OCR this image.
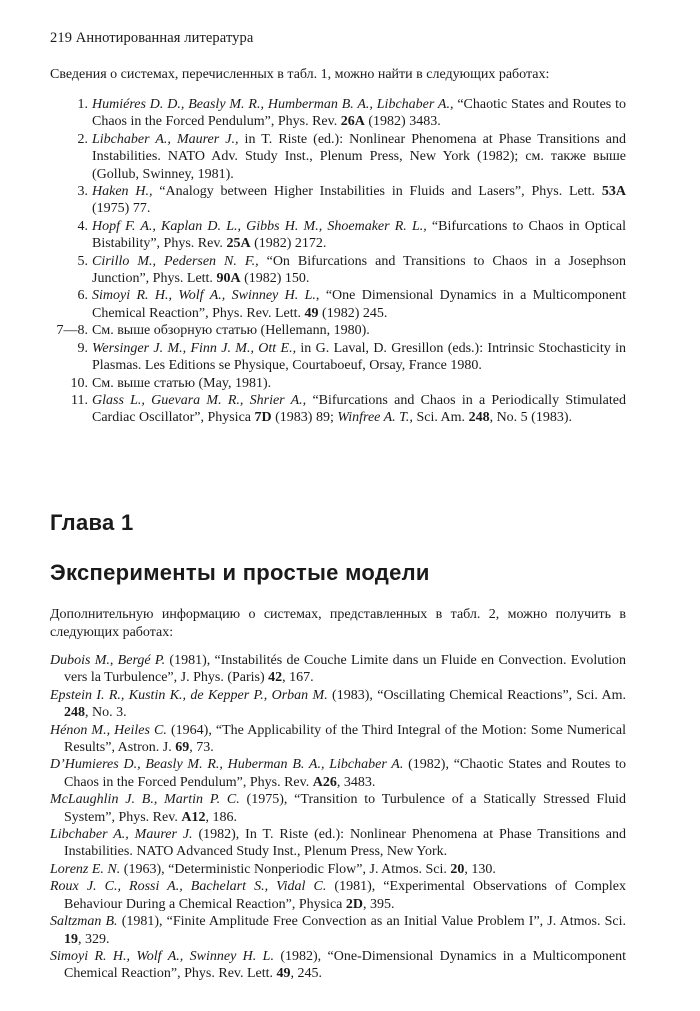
219 Аннотированная литература
Сведения о системах, перечисленных в табл. 1, можно найти в следующих работах:
1. Humiéres D. D., Beasly M. R., Humberman B. A., Libchaber A., “Chaotic States and Routes to Chaos in the Forced Pendulum”, Phys. Rev. 26A (1982) 3483.
2. Libchaber A., Maurer J., in T. Riste (ed.): Nonlinear Phenomena at Phase Transitions and Instabilities. NATO Adv. Study Inst., Plenum Press, New York (1982); см. также выше (Gollub, Swinney, 1981).
3. Haken H., “Analogy between Higher Instabilities in Fluids and Lasers”, Phys. Lett. 53A (1975) 77.
4. Hopf F. A., Kaplan D. L., Gibbs H. M., Shoemaker R. L., “Bifurcations to Chaos in Optical Bistability”, Phys. Rev. 25A (1982) 2172.
5. Cirillo M., Pedersen N. F., “On Bifurcations and Transitions to Chaos in a Josephson Junction”, Phys. Lett. 90A (1982) 150.
6. Simoyi R. H., Wolf A., Swinney H. L., “One Dimensional Dynamics in a Multicomponent Chemical Reaction”, Phys. Rev. Lett. 49 (1982) 245.
7—8. См. выше обзорную статью (Hellemann, 1980).
9. Wersinger J. M., Finn J. M., Ott E., in G. Laval, D. Gresillon (eds.): Intrinsic Stochasticity in Plasmas. Les Editions se Physique, Courtaboeuf, Orsay, France 1980.
10. См. выше статью (May, 1981).
11. Glass L., Guevara M. R., Shrier A., “Bifurcations and Chaos in a Periodically Stimulated Cardiac Oscillator”, Physica 7D (1983) 89; Winfree A. T., Sci. Am. 248, No. 5 (1983).
Глава 1
Эксперименты и простые модели
Дополнительную информацию о системах, представленных в табл. 2, можно получить в следующих работах:
Dubois M., Bergé P. (1981), “Instabilités de Couche Limite dans un Fluide en Convection. Evolution vers la Turbulence”, J. Phys. (Paris) 42, 167.
Epstein I. R., Kustin K., de Kepper P., Orban M. (1983), “Oscillating Chemical Reactions”, Sci. Am. 248, No. 3.
Hénon M., Heiles C. (1964), “The Applicability of the Third Integral of the Motion: Some Numerical Results”, Astron. J. 69, 73.
D’Humieres D., Beasly M. R., Huberman B. A., Libchaber A. (1982), “Chaotic States and Routes to Chaos in the Forced Pendulum”, Phys. Rev. A26, 3483.
McLaughlin J. B., Martin P. C. (1975), “Transition to Turbulence of a Statically Stressed Fluid System”, Phys. Rev. A12, 186.
Libchaber A., Maurer J. (1982), In T. Riste (ed.): Nonlinear Phenomena at Phase Transitions and Instabilities. NATO Advanced Study Inst., Plenum Press, New York.
Lorenz E. N. (1963), “Deterministic Nonperiodic Flow”, J. Atmos. Sci. 20, 130.
Roux J. C., Rossi A., Bachelart S., Vidal C. (1981), “Experimental Observations of Complex Behaviour During a Chemical Reaction”, Physica 2D, 395.
Saltzman B. (1981), “Finite Amplitude Free Convection as an Initial Value Problem I”, J. Atmos. Sci. 19, 329.
Simoyi R. H., Wolf A., Swinney H. L. (1982), “One-Dimensional Dynamics in a Multicomponent Chemical Reaction”, Phys. Rev. Lett. 49, 245.
